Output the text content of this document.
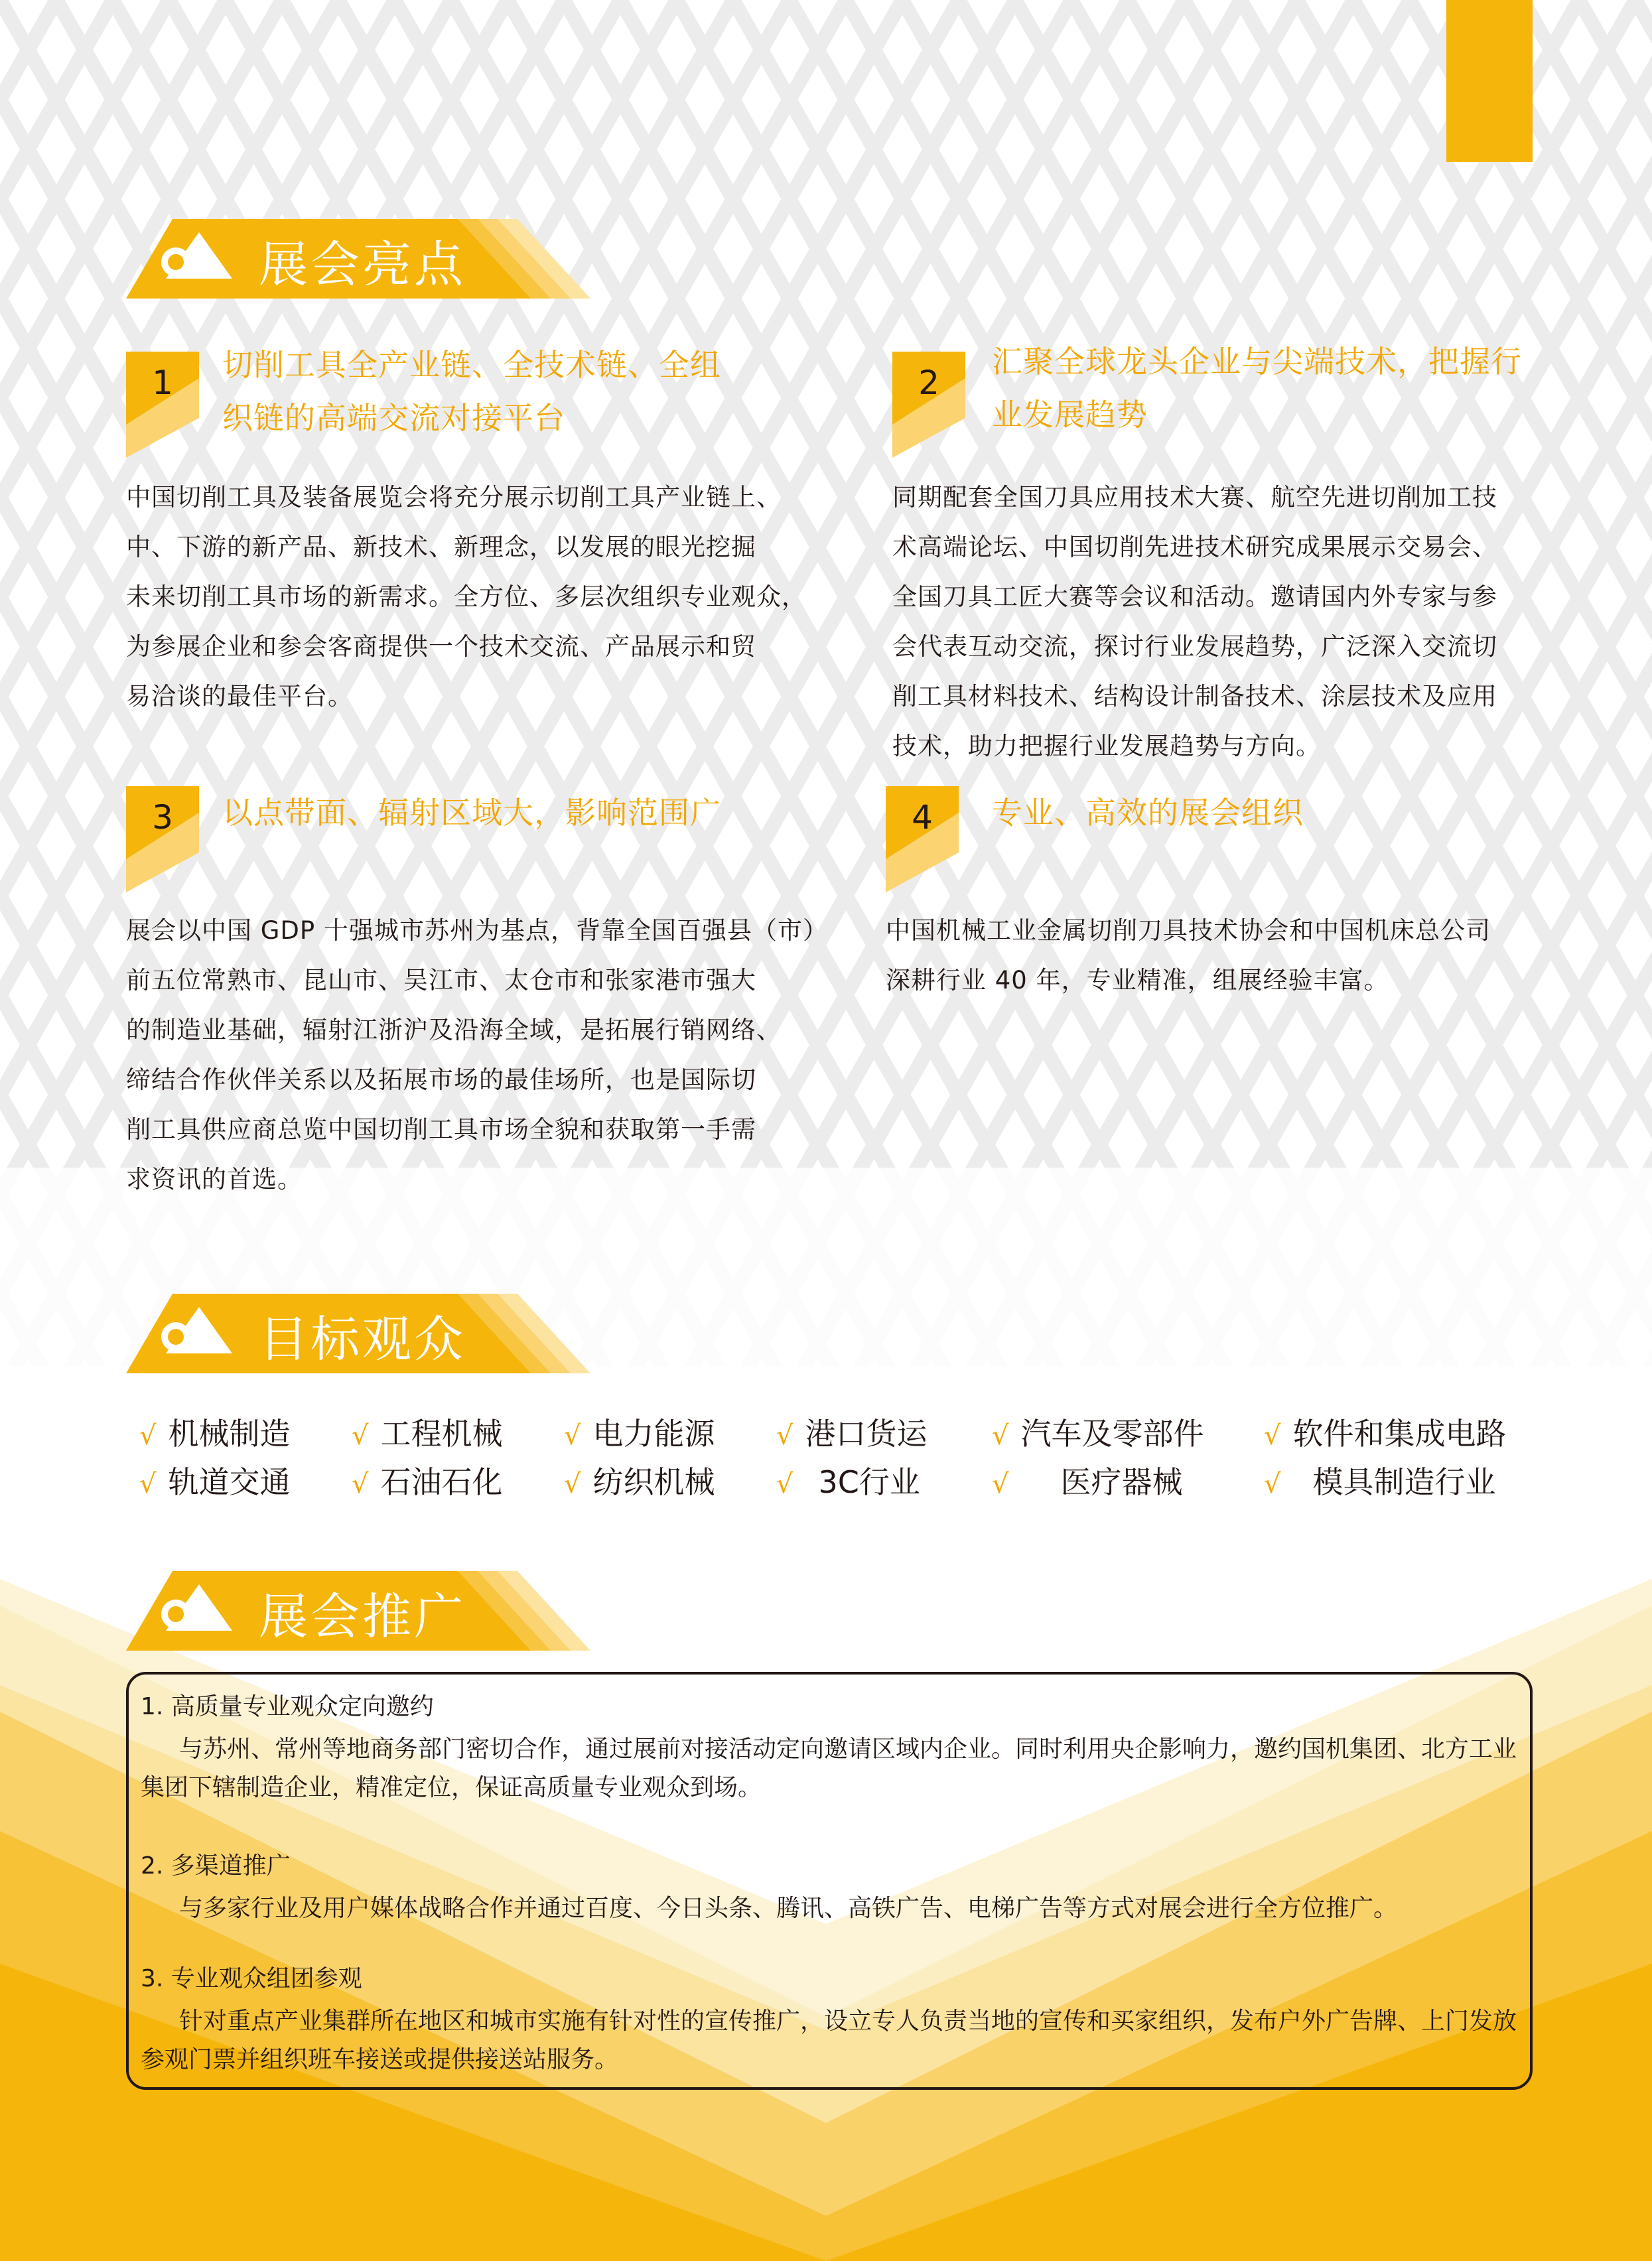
展会亮点
1	切削工具全产业链、全技术链、全组
织链的高端交流对接平台
中国切削工具及装备展览会将充分展示切削工具产业链上、
中、下游的新产品、新技术、新理念，以发展的眼光挖掘
未来切削工具市场的新需求。全方位、多层次组织专业观众，
为参展企业和参会客商提供一个技术交流、产品展示和贸
易洽谈的最佳平台。
2
汇聚全球龙头企业与尖端技术，把握行
业发展趋势
同期配套全国刀具应用技术大赛、航空先进切削加工技
术高端论坛、中国切削先进技术研究成果展示交易会、
全国刀具工匠大赛等会议和活动。邀请国内外专家与参
会代表互动交流，探讨行业发展趋势，广泛深入交流切
削工具材料技术、结构设计制备技术、涂层技术及应用
技术，助力把握行业发展趋势与方向。
3	以点带面、辐射区域大，影响范围广
展会以中国 GDP 十强城市苏州为基点，背靠全国百强县（市）
前五位常熟市、昆山市、吴江市、太仓市和张家港市强大
的制造业基础，辐射江浙沪及沿海全域，是拓展行销网络、
缔结合作伙伴关系以及拓展市场的最佳场所，也是国际切
削工具供应商总览中国切削工具市场全貌和获取第一手需
求资讯的首选。
4	专业、高效的展会组织
中国机械工业金属切削刀具技术协会和中国机床总公司
深耕行业 40 年，专业精准，组展经验丰富。
目标观众
√ 机械制造 √ 工程机械 √ 电力能源 √ 港口货运 √ 汽车及零部件 √ 软件和集成电路
√ 轨道交通 √ 石油石化 √ 纺织机械 √ 3C行业	√ 医疗器械	√ 模具制造行业
展会推广
1. 高质量专业观众定向邀约
与苏州、常州等地商务部门密切合作，通过展前对接活动定向邀请区域内企业。同时利用央企影响力，邀约国机集团、北方工业集团下辖制造企业，精准定位，保证高质量专业观众到场。
2. 多渠道推广
与多家行业及用户媒体战略合作并通过百度、今日头条、腾讯、高铁广告、电梯广告等方式对展会进行全方位推广。
3. 专业观众组团参观
针对重点产业集群所在地区和城市实施有针对性的宣传推广，设立专人负责当地的宣传和买家组织，发布户外广告牌、上门发放参观门票并组织班车接送或提供接送站服务。
